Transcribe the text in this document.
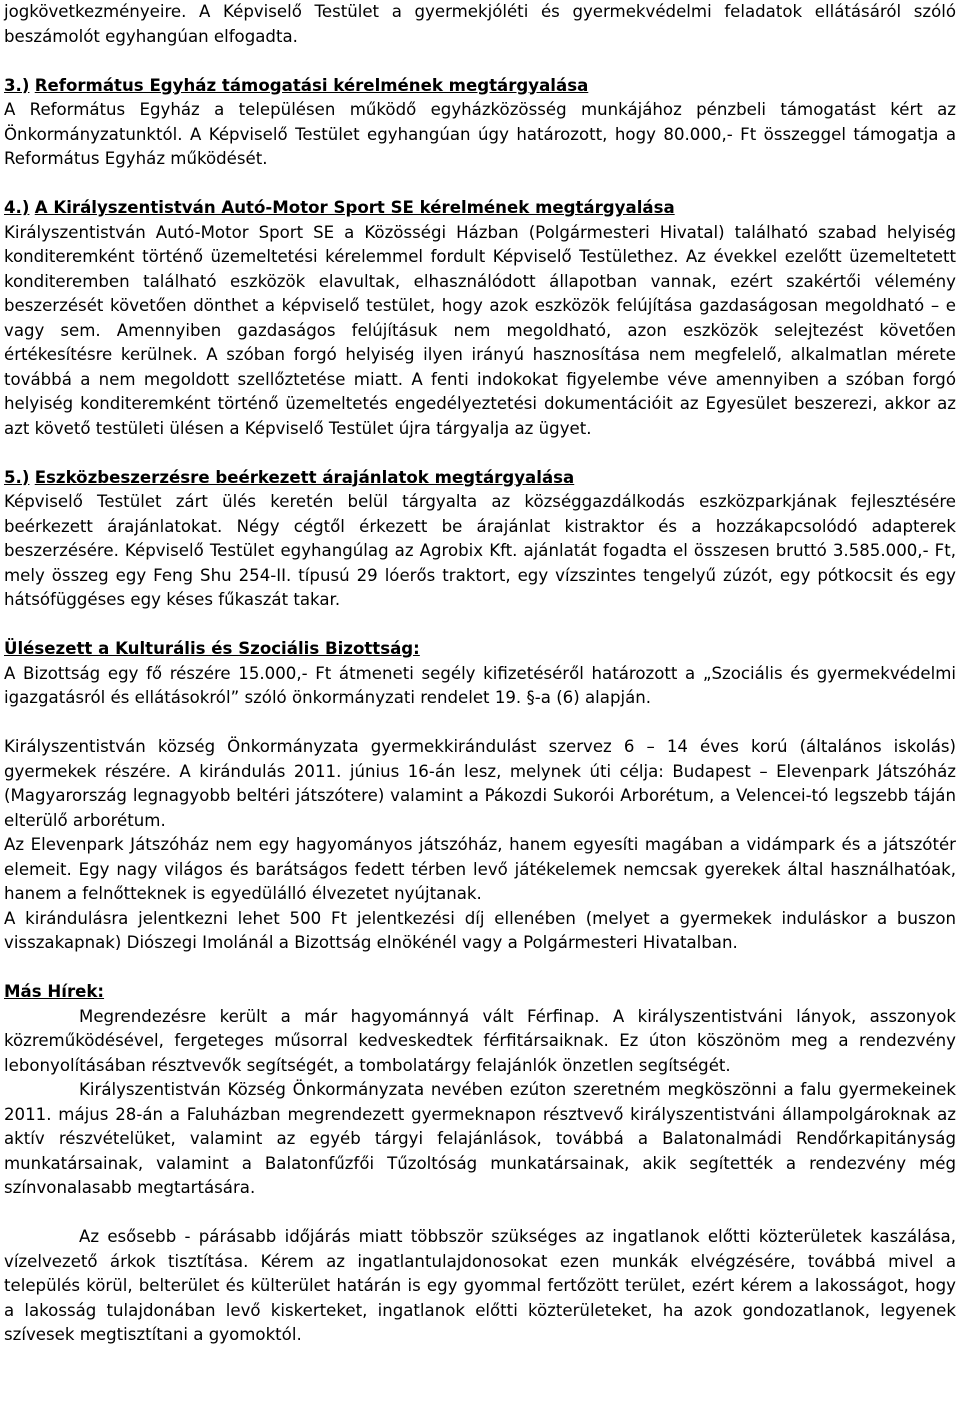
jogkövetkezményeire. A Képviselő Testület a gyermekjóléti és gyermekvédelmi feladatok ellátásáról szóló beszámolót egyhangúan elfogadta.

3.) Református Egyház támogatási kérelmének megtárgyalása

A Református Egyház a településen működő egyházközösség munkájához pénzbeli támogatást kért az Önkormányzatunktól. A Képviselő Testület egyhangúan úgy határozott, hogy 80.000,- Ft összeggel támogatja a Református Egyház működését.

4.) A Királyszentistván Autó-Motor Sport SE kérelmének megtárgyalása

Királyszentistván Autó-Motor Sport SE a Közösségi Házban (Polgármesteri Hivatal) található szabad helyiség konditeremként történő üzemeltetési kérelemmel fordult Képviselő Testülethez. Az évekkel ezelőtt üzemeltetett konditeremben található eszközök elavultak, elhasználódott állapotban vannak, ezért szakértői vélemény beszerzését követően dönthet a képviselő testület, hogy azok eszközök felújítása gazdaságosan megoldható – e vagy sem. Amennyiben gazdaságos felújításuk nem megoldható, azon eszközök selejtezést követően értékesítésre kerülnek. A szóban forgó helyiség ilyen irányú hasznosítása nem megfelelő, alkalmatlan mérete továbbá a nem megoldott szellőztetése miatt. A fenti indokokat figyelembe véve amennyiben a szóban forgó helyiség konditeremként történő üzemeltetés engedélyeztetési dokumentációit az Egyesület beszerezi, akkor az azt követő testületi ülésen a Képviselő Testület újra tárgyalja az ügyet.

5.) Eszközbeszerzésre beérkezett árajánlatok megtárgyalása

Képviselő Testület zárt ülés keretén belül tárgyalta az községgazdálkodás eszközparkjának fejlesztésére beérkezett árajánlatokat. Négy cégtől érkezett be árajánlat kistraktor és a hozzákapcsolódó adapterek beszerzésére. Képviselő Testület egyhangúlag az Agrobix Kft. ajánlatát fogadta el összesen bruttó 3.585.000,- Ft, mely összeg egy Feng Shu 254-II. típusú 29 lóerős traktort, egy vízszintes tengelyű zúzót, egy pótkocsit és egy hátsófüggéses egy késes fűkaszát takar.

Ülésezett a Kulturális és Szociális Bizottság:

A Bizottság egy fő részére 15.000,- Ft átmeneti segély kifizetéséről határozott a „Szociális és gyermekvédelmi igazgatásról és ellátásokról” szóló önkormányzati rendelet 19. §-a (6) alapján.

Királyszentistván község Önkormányzata gyermekkirándulást szervez 6 – 14 éves korú (általános iskolás) gyermekek részére. A kirándulás 2011. június 16-án lesz, melynek úti célja: Budapest – Elevenpark Játszóház (Magyarország legnagyobb beltéri játszótere) valamint a Pákozdi Sukorói Arborétum, a Velencei-tó legszebb táján elterülő arborétum.

Az Elevenpark Játszóház nem egy hagyományos játszóház, hanem egyesíti magában a vidámpark és a játszótér elemeit. Egy nagy világos és barátságos fedett térben levő játékelemek nemcsak gyerekek által használhatóak, hanem a felnőtteknek is egyedülálló élvezetet nyújtanak.

A kirándulásra jelentkezni lehet 500 Ft jelentkezési díj ellenében (melyet a gyermekek induláskor a buszon visszakapnak) Diószegi Imolánál a Bizottság elnökénél vagy a Polgármesteri Hivatalban.

Más Hírek:

Megrendezésre került a már hagyománnyá vált Férfinap. A királyszentistváni lányok, asszonyok közreműködésével, fergeteges műsorral kedveskedtek férfitársaiknak. Ez úton köszönöm meg a rendezvény lebonyolításában résztvevők segítségét, a tombolatárgy felajánlók önzetlen segítségét.

Királyszentistván Község Önkormányzata nevében ezúton szeretném megköszönni a falu gyermekeinek 2011. május 28-án a Faluházban megrendezett gyermeknapon résztvevő királyszentistváni állampolgároknak az aktív részvételüket, valamint az egyéb tárgyi felajánlások, továbbá a Balatonalmádi Rendőrkapitányság munkatársainak, valamint a Balatonfűzfői Tűzoltóság munkatársainak, akik segítették a rendezvény még színvonalasabb megtartására.

Az esősebb - párásabb időjárás miatt többször szükséges az ingatlanok előtti közterületek kaszálása, vízelvezető árkok tisztítása. Kérem az ingatlantulajdonosokat ezen munkák elvégzésére, továbbá mivel a település körül, belterület és külterület határán is egy gyommal fertőzött terület, ezért kérem a lakosságot, hogy a lakosság tulajdonában levő kiskerteket, ingatlanok előtti közterületeket, ha azok gondozatlanok, legyenek szívesek megtisztítani a gyomoktól.
